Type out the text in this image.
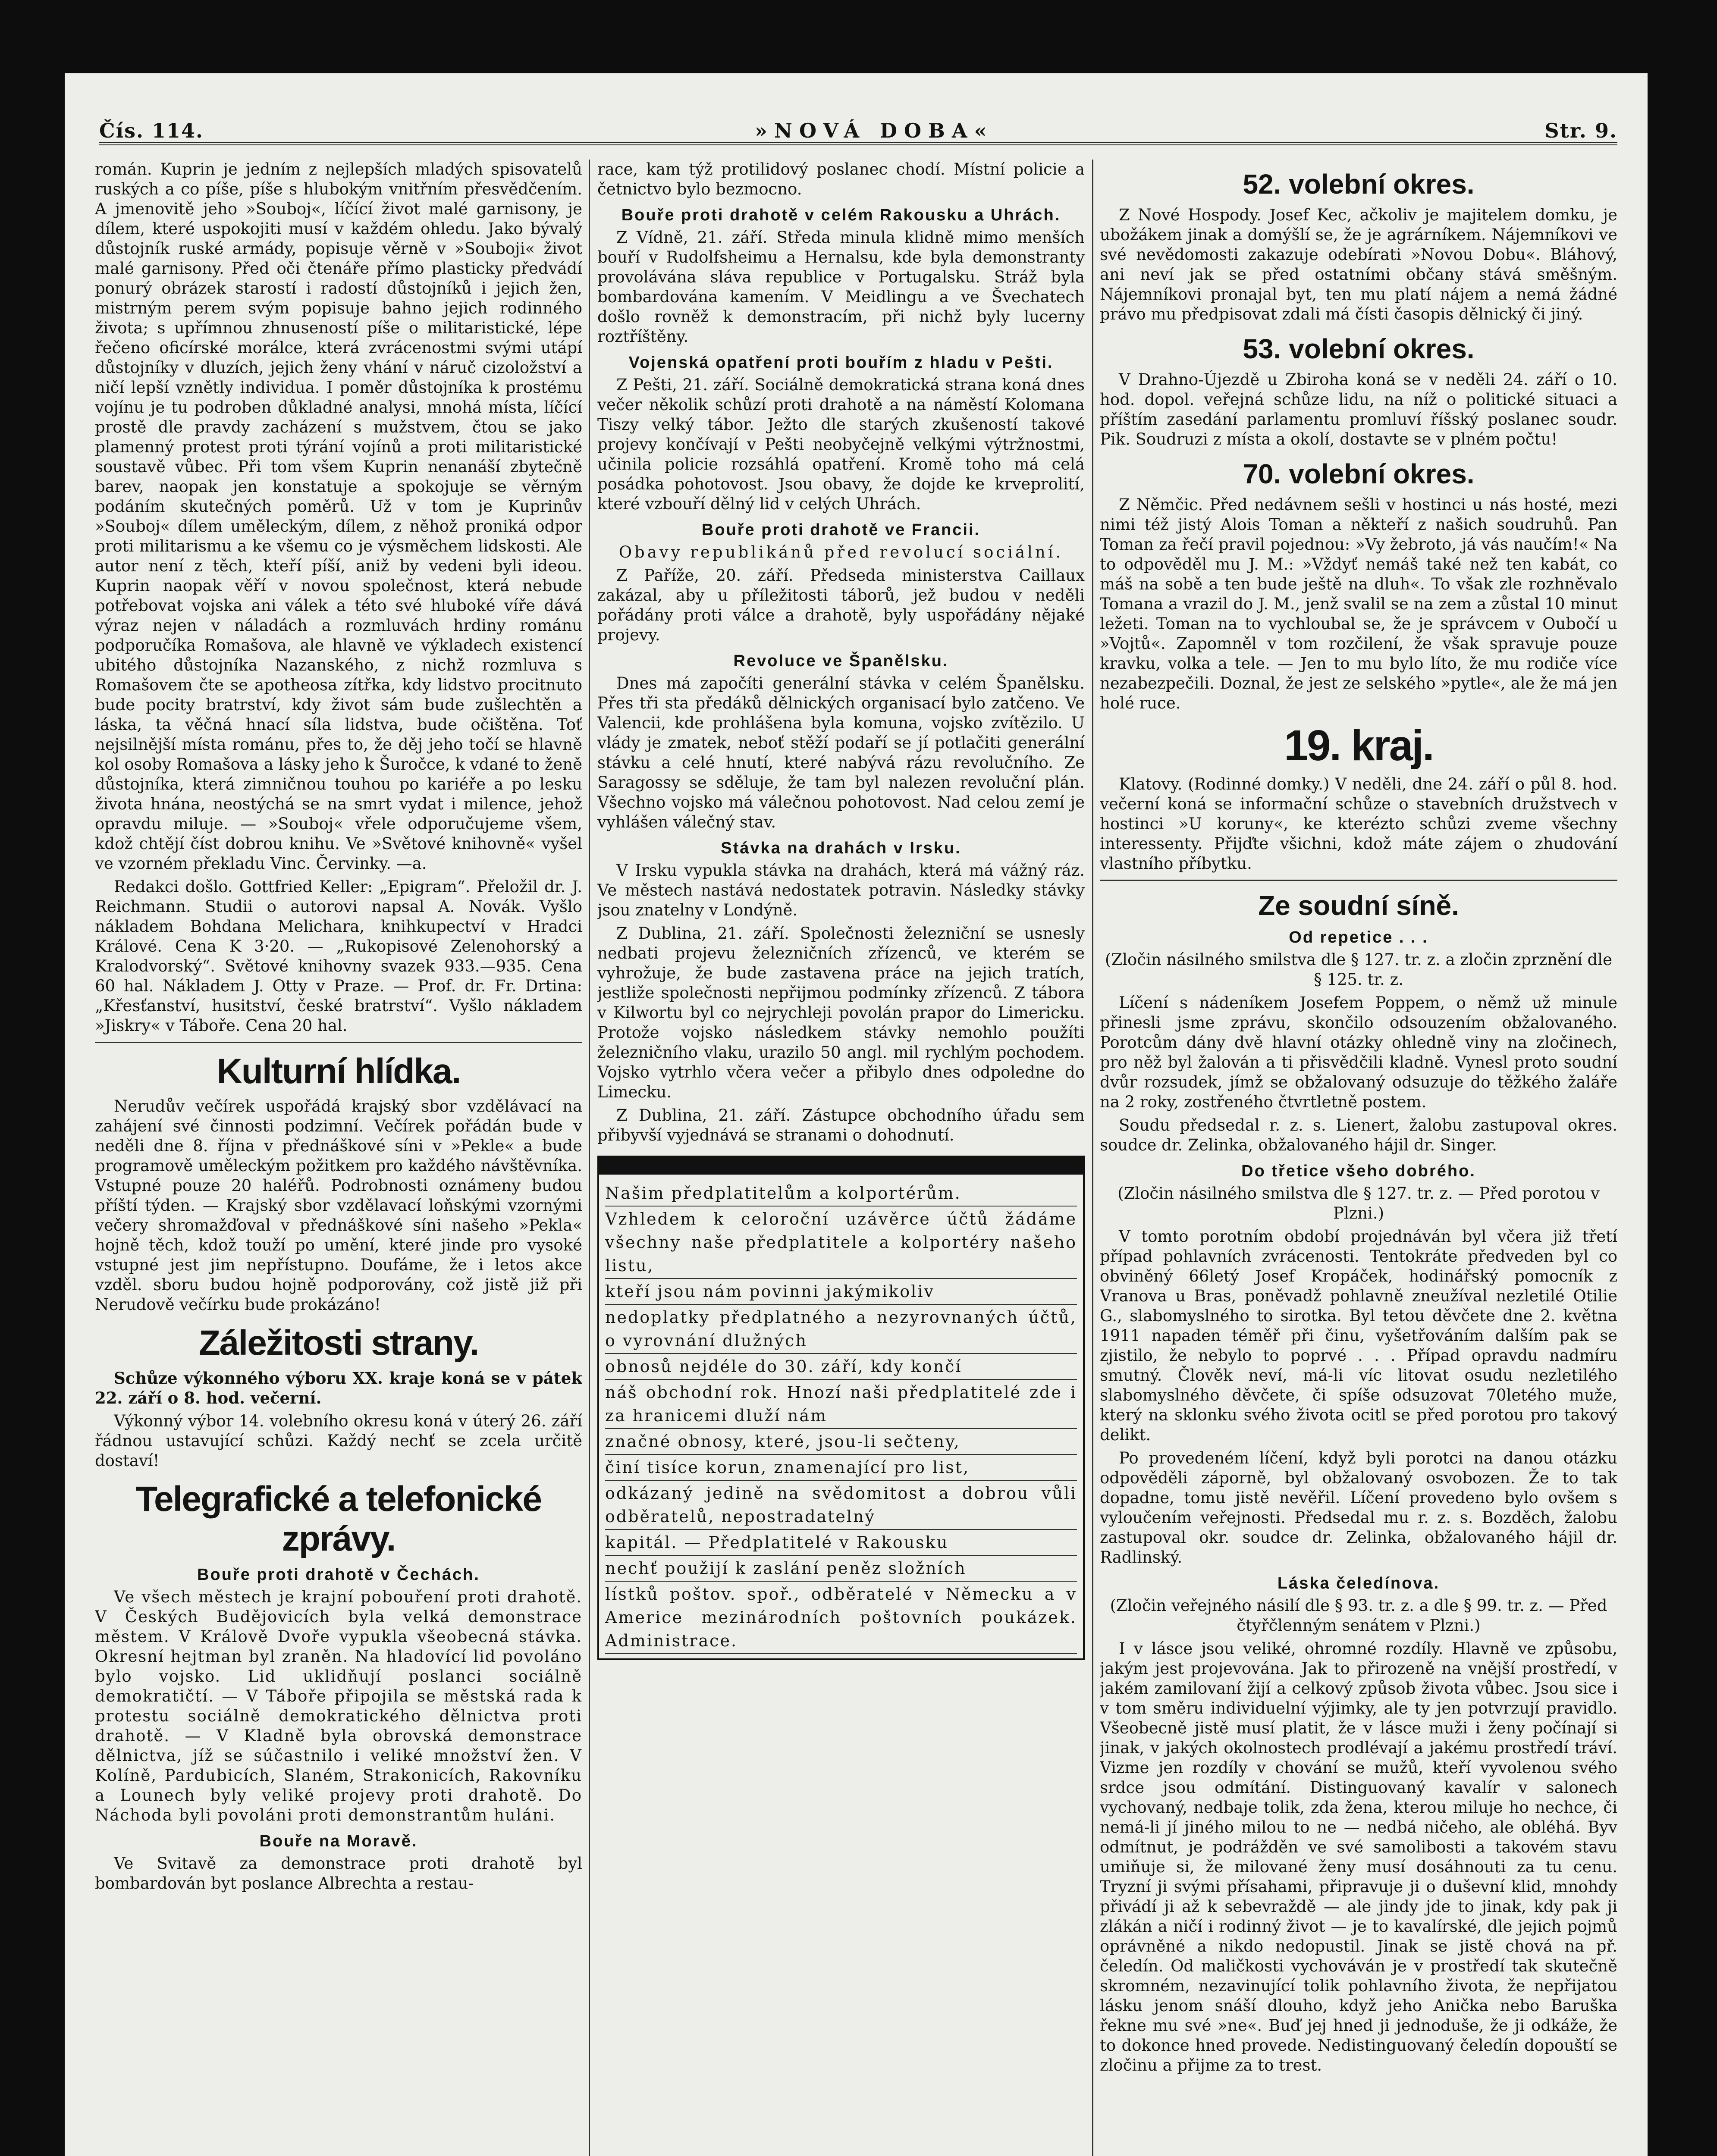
Čís. 114.	»NOVÁ DOBA«	Str. 9.

román. Kuprin je jedním z nejlepších mladých spisovatelů ruských a co píše, píše s hlubokým vnitřním přesvědčením. A jmenovitě jeho »Souboj«, líčící život malé garnisony, je dílem, které uspokojiti musí v každém ohledu. Jako bývalý důstojník ruské armády, popisuje věrně v »Souboji« život malé garnisony. Před oči čtenáře přímo plasticky předvádí ponurý obrázek starostí i radostí důstojníků i jejich žen, mistrným perem svým popisuje bahno jejich rodinného života; s upřímnou zhnuseností píše o militaristické, lépe řečeno oficírské morálce, která zvrácenostmi svými utápí důstojníky v dluzích, jejich ženy vhání v náruč cizoložství a ničí lepší vznětly individua. I poměr důstojníka k prostému vojínu je tu podroben důkladné analysi, mnohá místa, líčící prostě dle pravdy zacházení s mužstvem, čtou se jako plamenný protest proti týrání vojínů a proti militaristické soustavě vůbec. Při tom všem Kuprin nenanáší zbytečně barev, naopak jen konstatuje a spokojuje se věrným podáním skutečných poměrů. Už v tom je Kuprinův »Souboj« dílem uměleckým, dílem, z něhož proniká odpor proti militarismu a ke všemu co je výsměchem lidskosti. Ale autor není z těch, kteří píší, aniž by vedeni byli ideou. Kuprin naopak věří v novou společnost, která nebude potřebovat vojska ani válek a této své hluboké víře dává výraz nejen v náladách a rozmluvách hrdiny románu podporučíka Romašova, ale hlavně ve výkladech existencí ubitého důstojníka Nazanského, z nichž rozmluva s Romašovem čte se apotheosa zítřka, kdy lidstvo procitnuto bude pocity bratrství, kdy život sám bude zušlechtěn a láska, ta věčná hnací síla lidstva, bude očištěna. Toť nejsilnější místa románu, přes to, že děj jeho točí se hlavně kol osoby Romašova a lásky jeho k Šuročce, k vdané to ženě důstojníka, která zimničnou touhou po kariéře a po lesku života hnána, neostýchá se na smrt vydat i milence, jehož opravdu miluje. — »Souboj« vřele odporučujeme všem, kdož chtějí číst dobrou knihu. Ve »Světové knihovně« vyšel ve vzorném překladu Vinc. Červinky. —a.

Redakci došlo. Gottfried Keller: „Epigram“. Přeložil dr. J. Reichmann. Studii o autorovi napsal A. Novák. Vyšlo nákladem Bohdana Melichara, knihkupectví v Hradci Králové. Cena K 3·20. — „Rukopisové Zelenohorský a Kralodvorský“. Světové knihovny svazek 933.—935. Cena 60 hal. Nákladem J. Otty v Praze. — Prof. dr. Fr. Drtina: „Křesťanství, husitství, české bratrství“. Vyšlo nákladem »Jiskry« v Táboře. Cena 20 hal.

Kulturní hlídka.

Nerudův večírek uspořádá krajský sbor vzdělávací na zahájení své činnosti podzimní. Večírek pořádán bude v neděli dne 8. října v přednáškové síni v »Pekle« a bude programově uměleckým požitkem pro každého návštěvníka. Vstupné pouze 20 haléřů. Podrobnosti oznámeny budou příští týden. — Krajský sbor vzdělavací loňskými vzornými večery shromažďoval v přednáškové síni našeho »Pekla« hojně těch, kdož touží po umění, které jinde pro vysoké vstupné jest jim nepřístupno. Doufáme, že i letos akce vzděl. sboru budou hojně podporovány, což jistě již při Nerudově večírku bude prokázáno!

Záležitosti strany.

Schůze výkonného výboru XX. kraje koná se v pátek 22. září o 8. hod. večerní.

Výkonný výbor 14. volebního okresu koná v úterý 26. září řádnou ustavující schůzi. Každý nechť se zcela určitě dostaví!

Telegrafické a telefonické zprávy.
Bouře proti drahotě v Čechách.

Ve všech městech je krajní pobouření proti drahotě. V Českých Budějovicích byla velká demonstrace městem. V Králově Dvoře vypukla všeobecná stávka. Okresní hejtman byl zraněn. Na hladovící lid povoláno bylo vojsko. Lid uklidňují poslanci sociálně demokratičtí. — V Táboře připojila se městská rada k protestu sociálně demokratického dělnictva proti drahotě. — V Kladně byla obrovská demonstrace dělnictva, jíž se súčastnilo i veliké množství žen. V Kolíně, Pardubicích, Slaném, Strakonicích, Rakovníku a Lounech byly veliké projevy proti drahotě. Do Náchoda byli povoláni proti demonstrantům huláni.

Bouře na Moravě.

Ve Svitavě za demonstrace proti drahotě byl bombardován byt poslance Albrechta a restau-

race, kam týž protilidový poslanec chodí. Místní policie a četnictvo bylo bezmocno.

Bouře proti drahotě v celém Rakousku a Uhrách.

Z Vídně, 21. září. Středa minula klidně mimo menších bouří v Rudolfsheimu a Hernalsu, kde byla demonstranty provolávána sláva republice v Portugalsku. Stráž byla bombardována kamením. V Meidlingu a ve Švechatech došlo rovněž k demonstracím, při nichž byly lucerny roztříštěny.

Vojenská opatření proti bouřím z hladu v Pešti.

Z Pešti, 21. září. Sociálně demokratická strana koná dnes večer několik schůzí proti drahotě a na náměstí Kolomana Tiszy velký tábor. Ježto dle starých zkušeností takové projevy končívají v Pešti neobyčejně velkými výtržnostmi, učinila policie rozsáhlá opatření. Kromě toho má celá posádka pohotovost. Jsou obavy, že dojde ke krveprolití, které vzbouří dělný lid v celých Uhrách.

Bouře proti drahotě ve Francii.

Obavy republikánů před revolucí sociální.

Z Paříže, 20. září. Předseda ministerstva Caillaux zakázal, aby u příležitosti táborů, jež budou v neděli pořádány proti válce a drahotě, byly uspořádány nějaké projevy.

Revoluce ve Španělsku.

Dnes má započíti generální stávka v celém Španělsku. Přes tři sta předáků dělnických organisací bylo zatčeno. Ve Valencii, kde prohlášena byla komuna, vojsko zvítězilo. U vlády je zmatek, neboť stěží podaří se jí potlačiti generální stávku a celé hnutí, které nabývá rázu revolučního. Ze Saragossy se sděluje, že tam byl nalezen revoluční plán. Všechno vojsko má válečnou pohotovost. Nad celou zemí je vyhlášen válečný stav.

Stávka na drahách v Irsku.

V Irsku vypukla stávka na drahách, která má vážný ráz. Ve městech nastává nedostatek potravin. Následky stávky jsou znatelny v Londýně.

Z Dublina, 21. září. Společnosti železniční se usnesly nedbati projevu železničních zřízenců, ve kterém se vyhrožuje, že bude zastavena práce na jejich tratích, jestliže společnosti nepřijmou podmínky zřízenců. Z tábora v Kilwortu byl co nejrychleji povolán prapor do Limericku. Protože vojsko následkem stávky nemohlo použíti železničního vlaku, urazilo 50 angl. mil rychlým pochodem. Vojsko vytrhlo včera večer a přibylo dnes odpoledne do Limecku.

Z Dublina, 21. září. Zástupce obchodního úřadu sem přibyvší vyjednává se stranami o dohodnutí.

Našim předplatitelům a kolportérům.
Vzhledem k celoroční uzávěrce účtů žádáme všechny naše předplatitele a kolportéry našeho listu,
kteří jsou nám povinni jakýmikoliv
nedoplatky předplatného a nezyrovnaných účtů, o vyrovnání dlužných
obnosů nejdéle do 30. září, kdy končí
náš obchodní rok. Hnozí naši předplatitelé zde i za hranicemi dluží nám
značné obnosy, které, jsou-li sečteny,
činí tisíce korun, znamenající pro list,
odkázaný jedině na svědomitost a dobrou vůli odběratelů, nepostradatelný
kapitál. — Předplatitelé v Rakousku
nechť použijí k zaslání peněz složních
lístků poštov. spoř., odběratelé v Německu a v Americe mezinárodních poštovních poukázek. Administrace.
52. volební okres.

Z Nové Hospody. Josef Kec, ačkoliv je majitelem domku, je ubožákem jinak a domýšlí se, že je agrárníkem. Nájemníkovi ve své nevědomosti zakazuje odebírati »Novou Dobu«. Bláhový, ani neví jak se před ostatními občany stává směšným. Nájemníkovi pronajal byt, ten mu platí nájem a nemá žádné právo mu předpisovat zdali má čísti časopis dělnický či jiný.

53. volební okres.

V Drahno-Újezdě u Zbiroha koná se v neděli 24. září o 10. hod. dopol. veřejná schůze lidu, na níž o politické situaci a příštím zasedání parlamentu promluví říšský poslanec soudr. Pik. Soudruzi z místa a okolí, dostavte se v plném počtu!

70. volební okres.

Z Němčic. Před nedávnem sešli v hostinci u nás hosté, mezi nimi též jistý Alois Toman a někteří z našich soudruhů. Pan Toman za řečí pravil pojednou: »Vy žebroto, já vás naučím!« Na to odpověděl mu J. M.: »Vždyť nemáš také než ten kabát, co máš na sobě a ten bude ještě na dluh«. To však zle rozhněvalo Tomana a vrazil do J. M., jenž svalil se na zem a zůstal 10 minut ležeti. Toman na to vychloubal se, že je správcem v Oubočí u »Vojtů«. Zapomněl v tom rozčilení, že však spravuje pouze kravku, volka a tele. — Jen to mu bylo líto, že mu rodiče více nezabezpečili. Doznal, že jest ze selského »pytle«, ale že má jen holé ruce.

19. kraj.

Klatovy. (Rodinné domky.) V neděli, dne 24. září o půl 8. hod. večerní koná se informační schůze o stavebních družstvech v hostinci »U koruny«, ke kterézto schůzi zveme všechny interessenty. Přijďte všichni, kdož máte zájem o zhudování vlastního příbytku.

Ze soudní síně.
Od repetice . . .

(Zločin násilného smilstva dle § 127. tr. z. a zločin zprznění dle § 125. tr. z.

Líčení s nádeníkem Josefem Poppem, o němž už minule přinesli jsme zprávu, skončilo odsouzením obžalovaného. Porotcům dány dvě hlavní otázky ohledně viny na zločinech, pro něž byl žalován a ti přisvědčili kladně. Vynesl proto soudní dvůr rozsudek, jímž se obžalovaný odsuzuje do těžkého žaláře na 2 roky, zostřeného čtvrtletně postem.

Soudu předsedal r. z. s. Lienert, žalobu zastupoval okres. soudce dr. Zelinka, obžalovaného hájil dr. Singer.

Do třetice všeho dobrého.

(Zločin násilného smilstva dle § 127. tr. z. — Před porotou v Plzni.)

V tomto porotním období projednáván byl včera již třetí případ pohlavních zvrácenosti. Tentokráte předveden byl co obviněný 66letý Josef Kropáček, hodinářský pomocník z Vranova u Bras, poněvadž pohlavně zneužíval nezletilé Otilie G., slabomyslného to sirotka. Byl tetou děvčete dne 2. května 1911 napaden téměř při činu, vyšetřováním dalším pak se zjistilo, že nebylo to poprvé . . . Případ opravdu nadmíru smutný. Člověk neví, má-li víc litovat osudu nezletilého slabomyslného děvčete, či spíše odsuzovat 70letého muže, který na sklonku svého života ocitl se před porotou pro takový delikt.

Po provedeném líčení, když byli porotci na danou otázku odpověděli záporně, byl obžalovaný osvobozen. Že to tak dopadne, tomu jistě nevěřil. Líčení provedeno bylo ovšem s vyloučením veřejnosti. Předsedal mu r. z. s. Bozděch, žalobu zastupoval okr. soudce dr. Zelinka, obžalovaného hájil dr. Radlinský.

Láska čeledínova.

(Zločin veřejného násilí dle § 93. tr. z. a dle § 99. tr. z. — Před čtyřčlenným senátem v Plzni.)

I v lásce jsou veliké, ohromné rozdíly. Hlavně ve způsobu, jakým jest projevována. Jak to přirozeně na vnější prostředí, v jakém zamilovaní žijí a celkový způsob života vůbec. Jsou sice i v tom směru individuelní výjimky, ale ty jen potvrzují pravidlo. Všeobecně jistě musí platit, že v lásce muži i ženy počínají si jinak, v jakých okolnostech prodlévají a jakému prostředí tráví. Vizme jen rozdíly v chování se mužů, kteří vyvolenou svého srdce jsou odmítání. Distinguovaný kavalír v salonech vychovaný, nedbaje tolik, zda žena, kterou miluje ho nechce, či nemá-li jí jiného milou to ne — nedbá ničeho, ale obléhá. Byv odmítnut, je podrážděn ve své samolibosti a takovém stavu umiňuje si, že milované ženy musí dosáhnouti za tu cenu. Tryzní ji svými přísahami, připravuje ji o duševní klid, mnohdy přivádí ji až k sebevraždě — ale jindy jde to jinak, kdy pak ji zlákán a ničí i rodinný život — je to kavalírské, dle jejich pojmů oprávněné a nikdo nedopustil. Jinak se jistě chová na př. čeledín. Od maličkosti vychováván je v prostředí tak skutečně skromném, nezavinující tolik pohlavního života, že nepřijatou lásku jenom snáší dlouho, když jeho Anička nebo Baruška řekne mu své »ne«. Buď jej hned ji jednoduše, že ji odkáže, že to dokonce hned provede. Nedistinguovaný čeledín dopouští se zločinu a přijme za to trest.
